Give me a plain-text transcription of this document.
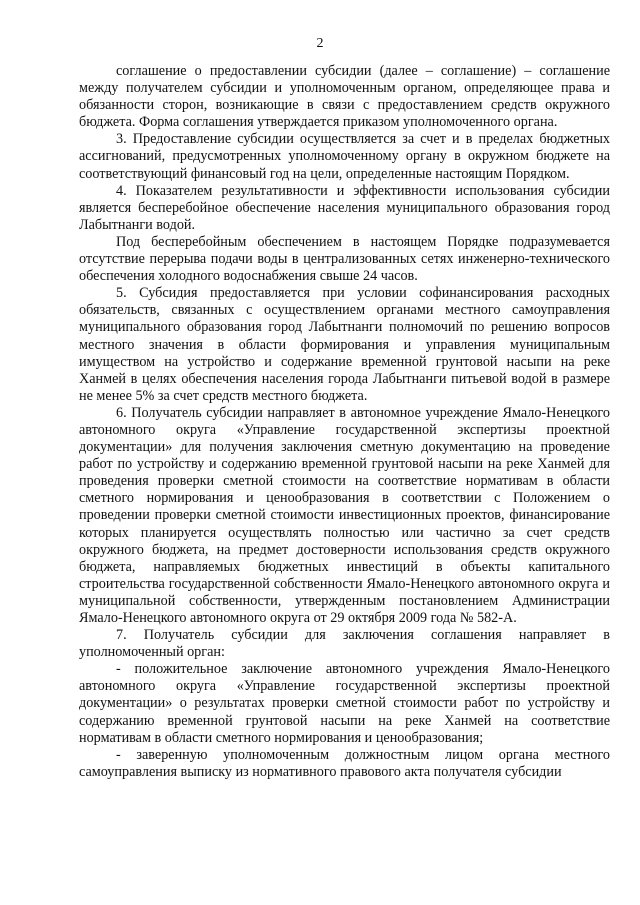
2

соглашение о предоставлении субсидии (далее – соглашение) – соглашение между получателем субсидии и уполномоченным органом, определяющее права и обязанности сторон, возникающие в связи с предоставлением средств окружного бюджета. Форма соглашения утверждается приказом уполномоченного органа.

3. Предоставление субсидии осуществляется за счет и в пределах бюджетных ассигнований, предусмотренных уполномоченному органу в окружном бюджете на соответствующий финансовый год на цели, определенные настоящим Порядком.

4. Показателем результативности и эффективности использования субсидии является бесперебойное обеспечение населения муниципального образования город Лабытнанги водой.

Под бесперебойным обеспечением в настоящем Порядке подразумевается отсутствие перерыва подачи воды в централизованных сетях инженерно-технического обеспечения холодного водоснабжения свыше 24 часов.

5. Субсидия предоставляется при условии софинансирования расходных обязательств, связанных с осуществлением органами местного самоуправления муниципального образования город Лабытнанги полномочий по решению вопросов местного значения в области формирования и управления муниципальным имуществом на устройство и содержание временной грунтовой насыпи на реке Ханмей в целях обеспечения населения города Лабытнанги питьевой водой в размере не менее 5% за счет средств местного бюджета.

6. Получатель субсидии направляет в автономное учреждение Ямало-Ненецкого автономного округа «Управление государственной экспертизы проектной документации» для получения заключения сметную документацию на проведение работ по устройству и содержанию временной грунтовой насыпи на реке Ханмей для проведения проверки сметной стоимости на соответствие нормативам в области сметного нормирования и ценообразования в соответствии с Положением о проведении проверки сметной стоимости инвестиционных проектов, финансирование которых планируется осуществлять полностью или частично за счет средств окружного бюджета, на предмет достоверности использования средств окружного бюджета, направляемых бюджетных инвестиций в объекты капитального строительства государственной собственности Ямало-Ненецкого автономного округа и муниципальной собственности, утвержденным постановлением Администрации Ямало-Ненецкого автономного округа от 29 октября 2009 года № 582-А.

7. Получатель субсидии для заключения соглашения направляет в уполномоченный орган:

- положительное заключение автономного учреждения Ямало-Ненецкого автономного округа «Управление государственной экспертизы проектной документации» о результатах проверки сметной стоимости работ по устройству и содержанию временной грунтовой насыпи на реке Ханмей на соответствие нормативам в области сметного нормирования и ценообразования;

- заверенную уполномоченным должностным лицом органа местного самоуправления выписку из нормативного правового акта получателя субсидии
